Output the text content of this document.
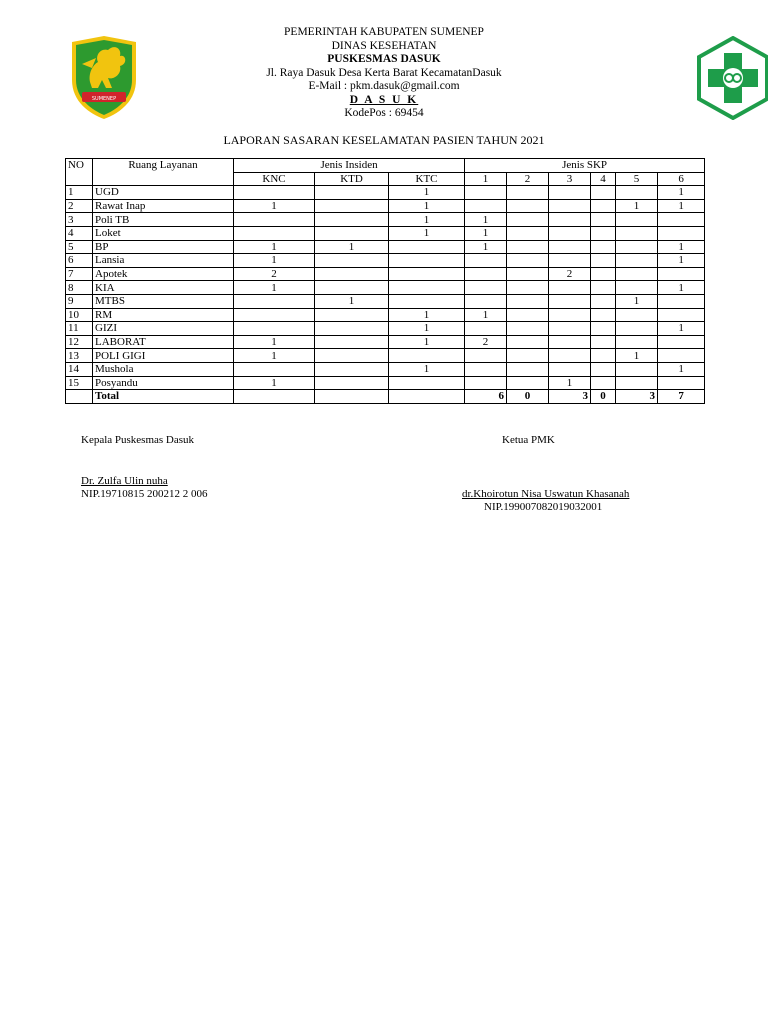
SUMENEP
PEMERINTAH KABUPATEN SUMENEP
DINAS KESEHATAN
PUSKESMAS DASUK
Jl. Raya Dasuk Desa Kerta Barat KecamatanDasuk
E-Mail : pkm.dasuk@gmail.com
D A S U K
KodePos : 69454
LAPORAN SASARAN KESELAMATAN PASIEN TAHUN 2021
NO	Ruang Layanan	Jenis Insiden			Jenis SKP					
		KNC	KTD	KTC	1	2	3	4	5	6
1	UGD			1						1
2	Rawat Inap	1		1					1	1
3	Poli TB			1	1					
4	Loket			1	1					
5	BP	1	1		1					1
6	Lansia	1								1
7	Apotek	2					2			
8	KIA	1								1
9	MTBS		1						1	
10	RM			1	1					
11	GIZI			1						1
12	LABORAT	1		1	2					
13	POLI GIGI	1							1	
14	Mushola			1						1
15	Posyandu	1					1			
	Total				6	0	3	0	3	7
Kepala Puskesmas Dasuk
Dr. Zulfa Ulin nuha
NIP.19710815 200212 2 006
Ketua PMK
dr.Khoirotun Nisa Uswatun Khasanah
NIP.199007082019032001
